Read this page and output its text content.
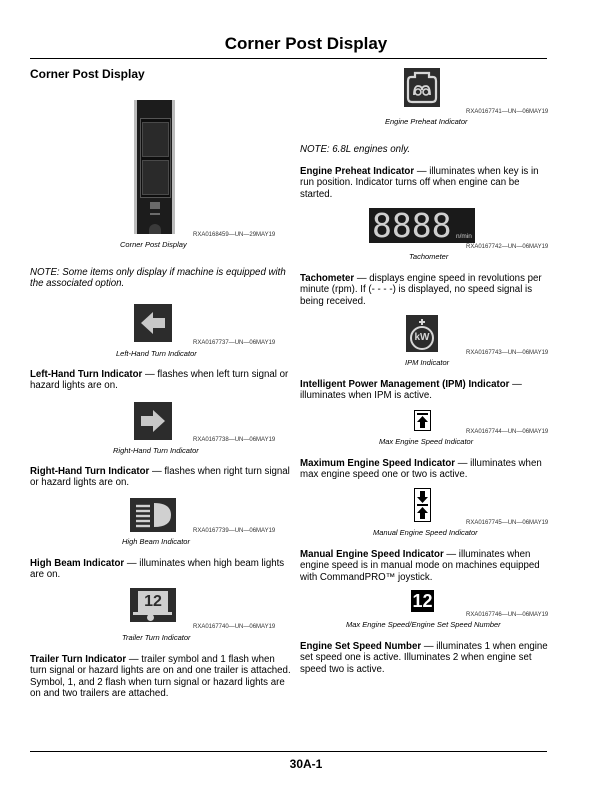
Corner Post Display
Corner Post Display
RXA0168459—UN—29MAY19
Corner Post Display
NOTE: Some items only display if machine is equipped with the associated option.
RXA0167737—UN—06MAY19
Left-Hand Turn Indicator
Left-Hand Turn Indicator — flashes when left turn signal or hazard lights are on.
RXA0167738—UN—06MAY19
Right-Hand Turn Indicator
Right-Hand Turn Indicator — flashes when right turn signal or hazard lights are on.
RXA0167739—UN—06MAY19
High Beam Indicator
High Beam Indicator — illuminates when high beam lights are on.
12
RXA0167740—UN—06MAY19
Trailer Turn Indicator
Trailer Turn Indicator — trailer symbol and 1 flash when turn signal or hazard lights are on and one trailer is attached. Symbol, 1, and 2 flash when turn signal or hazard lights are on and two trailers are attached.
RXA0167741—UN—06MAY19
Engine Preheat Indicator
NOTE: 6.8L engines only.
Engine Preheat Indicator — illuminates when key is in run position. Indicator turns off when engine can be started.
8888 n/min
RXA0167742—UN—06MAY19
Tachometer
Tachometer — displays engine speed in revolutions per minute (rpm). If (- - - -) is displayed, no speed signal is being received.
kW
RXA0167743—UN—06MAY19
IPM Indicator
Intelligent Power Management (IPM) Indicator — illuminates when IPM is active.
RXA0167744—UN—06MAY19
Max Engine Speed Indicator
Maximum Engine Speed Indicator — illuminates when max engine speed one or two is active.
RXA0167745—UN—06MAY19
Manual Engine Speed Indicator
Manual Engine Speed Indicator — illuminates when engine speed is in manual mode on machines equipped with CommandPRO™ joystick.
12
RXA0167746—UN—06MAY19
Max Engine Speed/Engine Set Speed Number
Engine Set Speed Number — illuminates 1 when engine set speed one is active. Illuminates 2 when engine set speed two is active.
30A-1
